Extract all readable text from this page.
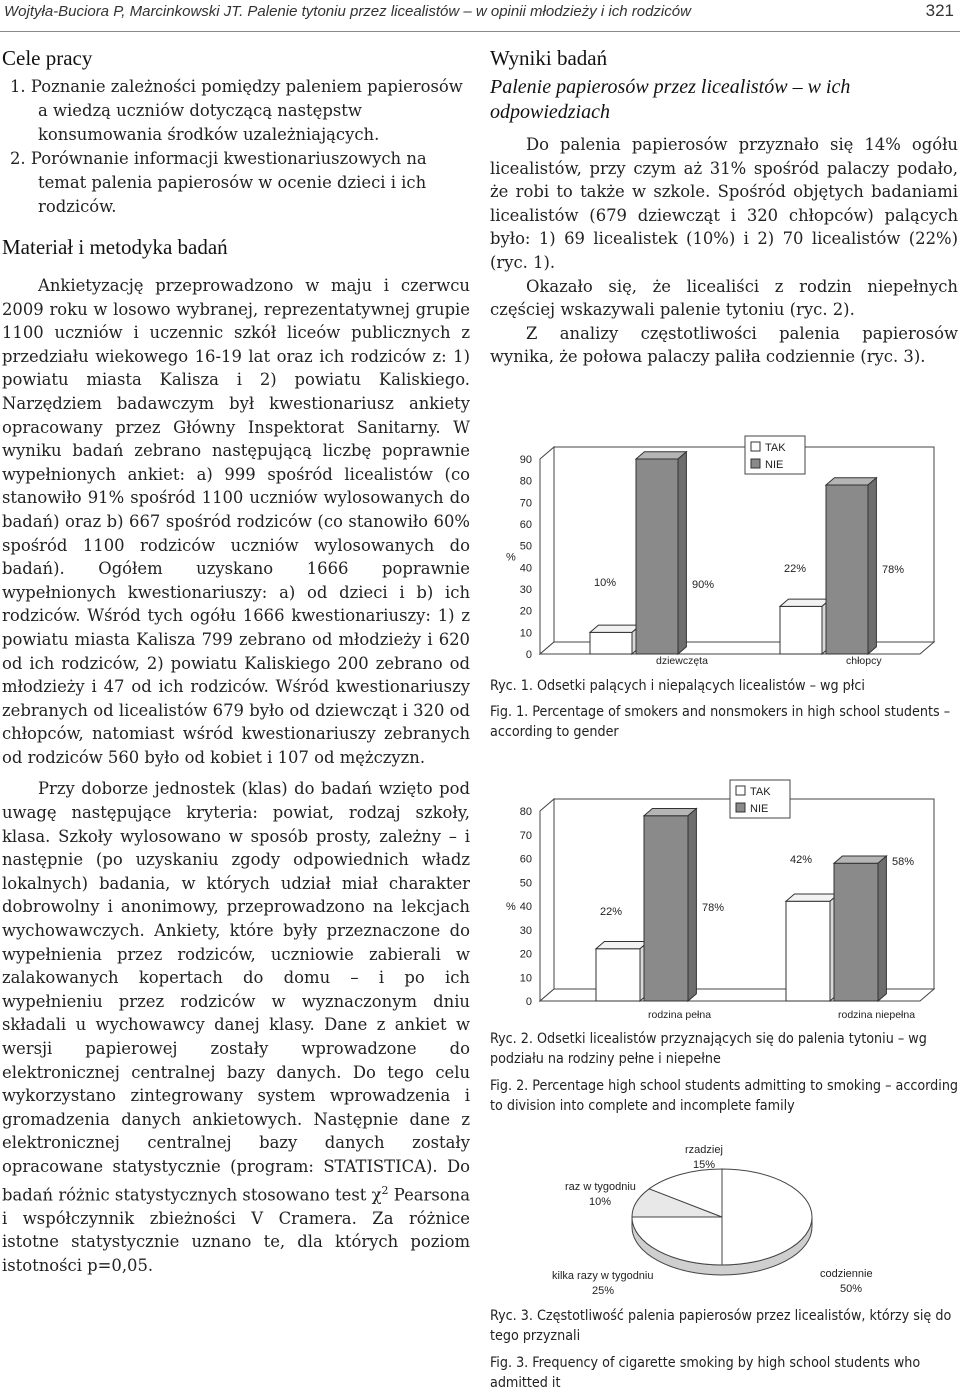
Wojtyła-Buciora P, Marcinkowski JT. Palenie tytoniu przez licealistów – w opinii młodzieży i ich rodziców	321
Cele pracy
1. Poznanie zależności pomiędzy paleniem papierosów a wiedzą uczniów dotyczącą następstw konsumowania środków uzależniających.
2. Porównanie informacji kwestionariuszowych na temat palenia papierosów w ocenie dzieci i ich rodziców.
Materiał i metodyka badań

Ankietyzację przeprowadzono w maju i czerwcu 2009 roku w losowo wybranej, reprezentatywnej grupie 1100 uczniów i uczennic szkół liceów publicznych z przedziału wiekowego 16-19 lat oraz ich rodziców z: 1) powiatu miasta Kalisza i 2) powiatu Kaliskiego. Narzędziem badawczym był kwestionariusz ankiety opracowany przez Główny Inspektorat Sanitarny. W wyniku badań zebrano następującą liczbę poprawnie wypełnionych ankiet: a) 999 spośród licealistów (co stanowiło 91% spośród 1100 uczniów wylosowanych do badań) oraz b) 667 spośród rodziców (co stanowiło 60% spośród 1100 rodziców uczniów wylosowanych do badań). Ogółem uzyskano 1666 poprawnie wypełnionych kwestionariuszy: a) od dzieci i b) ich rodziców. Wśród tych ogółu 1666 kwestionariuszy: 1) z powiatu miasta Kalisza 799 zebrano od młodzieży i 620 od ich rodziców, 2) powiatu Kaliskiego 200 zebrano od młodzieży i 47 od ich rodziców. Wśród kwestionariuszy zebranych od licealistów 679 było od dziewcząt i 320 od chłopców, natomiast wśród kwestionariuszy zebranych od rodziców 560 było od kobiet i 107 od mężczyzn.

Przy doborze jednostek (klas) do badań wzięto pod uwagę następujące kryteria: powiat, rodzaj szkoły, klasa. Szkoły wylosowano w sposób prosty, zależny – i następnie (po uzyskaniu zgody odpowiednich władz lokalnych) badania, w których udział miał charakter dobrowolny i anonimowy, przeprowadzono na lekcjach wychowawczych. Ankiety, które były przeznaczone do wypełnienia przez rodziców, uczniowie zabierali w zalakowanych kopertach do domu – i po ich wypełnieniu przez rodziców w wyznaczonym dniu składali u wychowawcy danej klasy. Dane z ankiet w wersji papierowej zostały wprowadzone do elektronicznej centralnej bazy danych. Do tego celu wykorzystano zintegrowany system wprowadzenia i gromadzenia danych ankietowych. Następnie dane z elektronicznej centralnej bazy danych zostały opracowane statystycznie (program: STATISTICA). Do badań różnic statystycznych stosowano test $\chi^2$ Pearsona i współczynnik zbieżności V Cramera. Za różnice istotne statystycznie uznano te, dla których poziom istotności p=0,05.

Wyniki badań
Palenie papierosów przez licealistów – w ich odpowiedziach

Do palenia papierosów przyznało się 14% ogółu licealistów, przy czym aż 31% spośród palaczy podało, że robi to także w szkole. Spośród objętych badaniami licealistów (679 dziewcząt i 320 chłopców) palących było: 1) 69 licealistek (10%) i 2) 70 licealistów (22%) (ryc. 1).

Okazało się, że licealiści z rodzin niepełnych częściej wskazywali palenie tytoniu (ryc. 2).

Z analizy częstotliwości palenia papierosów wynika, że połowa palaczy paliła codziennie (ryc. 3).

0
10
20
30
40
50
60
70
80
90
%
10%	90%
dziewczęta
22%	78%
chłopcy
TAK
NIE
Ryc. 1. Odsetki palących i niepalących licealistów – wg płci
Fig. 1. Percentage of smokers and nonsmokers in high school students – according to gender
0
10
20
30
40
50
60
70
80
%	22%	78%
rodzina pełna
42%	58%
rodzina niepełna
TAK
NIE
Ryc. 2. Odsetki licealistów przyznających się do palenia tytoniu – wg podziału na rodziny pełne i niepełne
Fig. 2. Percentage high school students admitting to smoking – according to division into complete and incomplete family
codziennie
50%
kilka razy w tygodniu
25%
raz w tygodniu
10%
rzadziej
15%
Ryc. 3. Częstotliwość palenia papierosów przez licealistów, którzy się do tego przyznali
Fig. 3. Frequency of cigarette smoking by high school students who admitted it
